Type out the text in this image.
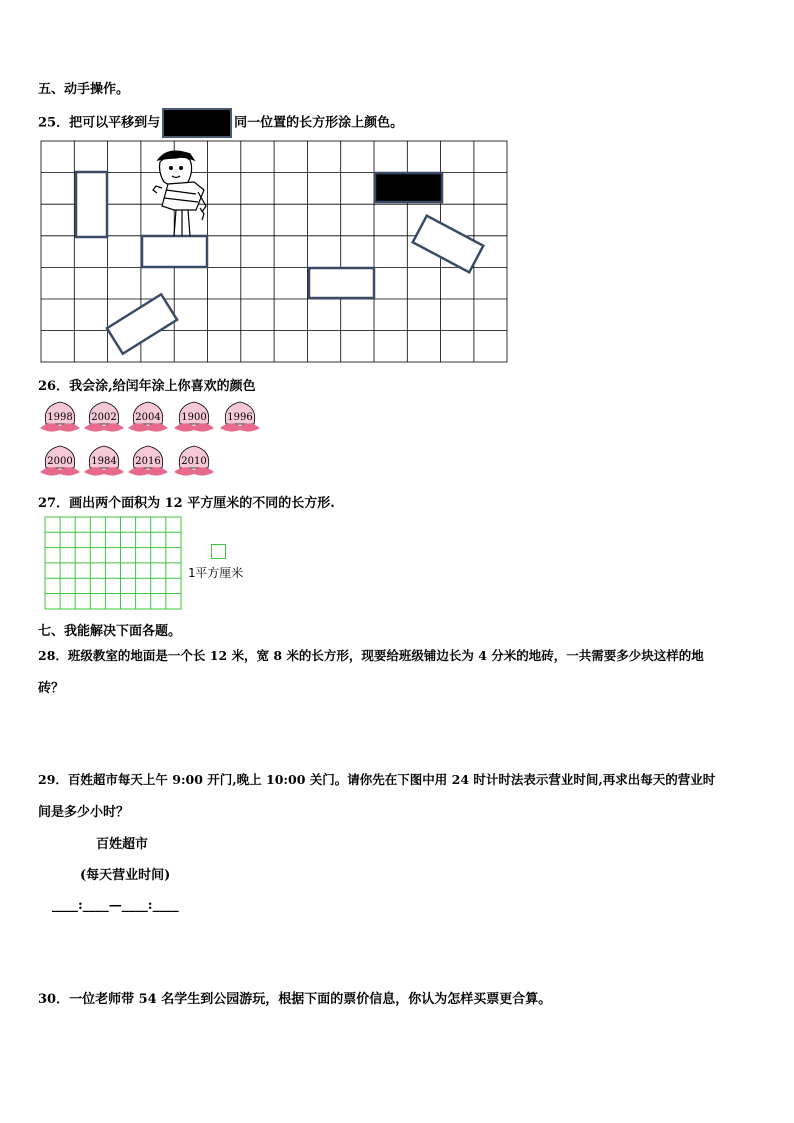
五、动手操作。
25．把可以平移到与	同一位置的长方形涂上颜色。
26．我会涂,给闰年涂上你喜欢的颜色
1998 2002 2004 1900 1996
2000 1984 2016 2010
27．画出两个面积为 12 平方厘米的不同的长方形.
1平方厘米
七、我能解决下面各题。
28．班级教室的地面是一个长 12 米，宽 8 米的长方形，现要给班级铺边长为 4 分米的地砖，一共需要多少块这样的地
砖？
29．百姓超市每天上午 9:00 开门,晚上 10:00 关门。请你先在下图中用 24 时计时法表示营业时间,再求出每天的营业时
间是多少小时？
百姓超市
(每天营业时间)
____:____—____:____
30．一位老师带 54 名学生到公园游玩，根据下面的票价信息，你认为怎样买票更合算。
